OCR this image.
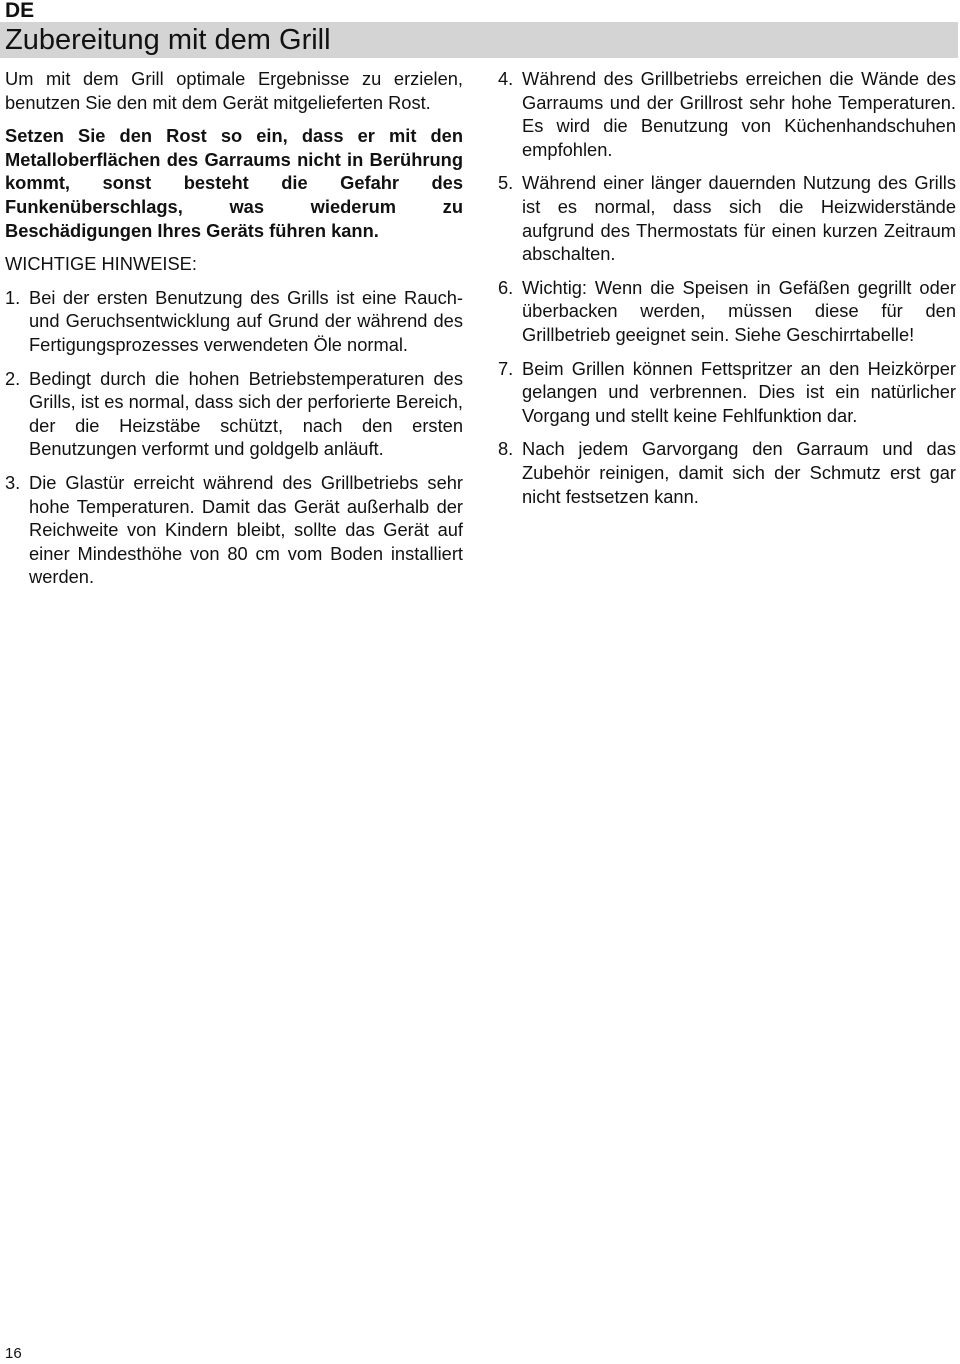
DE

Zubereitung mit dem Grill

Um mit dem Grill optimale Ergebnisse zu erzielen, benutzen Sie den mit dem Gerät mitgelieferten Rost.

Setzen Sie den Rost so ein, dass er mit den Metalloberflächen des Garraums nicht in Berührung kommt, sonst besteht die Gefahr des Funkenüberschlags, was wiederum zu Beschädigungen Ihres Geräts führen kann.

WICHTIGE HINWEISE:

1. Bei der ersten Benutzung des Grills ist eine Rauch- und Geruchsentwicklung auf Grund der während des Fertigungsprozesses verwendeten Öle normal.
2. Bedingt durch die hohen Betriebstemperaturen des Grills, ist es normal, dass sich der perforierte Bereich, der die Heizstäbe schützt, nach den ersten Benutzungen verformt und goldgelb anläuft.
3. Die Glastür erreicht während des Grillbetriebs sehr hohe Temperaturen. Damit das Gerät außerhalb der Reichweite von Kindern bleibt, sollte das Gerät auf einer Mindesthöhe von 80 cm vom Boden installiert werden.
4. Während des Grillbetriebs erreichen die Wände des Garraums und der Grillrost sehr hohe Temperaturen. Es wird die Benutzung von Küchenhandschuhen empfohlen.
5. Während einer länger dauernden Nutzung des Grills ist es normal, dass sich die Heizwiderstände aufgrund des Thermostats für einen kurzen Zeitraum abschalten.
6. Wichtig: Wenn die Speisen in Gefäßen gegrillt oder überbacken werden, müssen diese für den Grillbetrieb geeignet sein. Siehe Geschirrtabelle!
7. Beim Grillen können Fettspritzer an den Heizkörper gelangen und verbrennen. Dies ist ein natürlicher Vorgang und stellt keine Fehlfunktion dar.
8. Nach jedem Garvorgang den Garraum und das Zubehör reinigen, damit sich der Schmutz erst gar nicht festsetzen kann.

16
